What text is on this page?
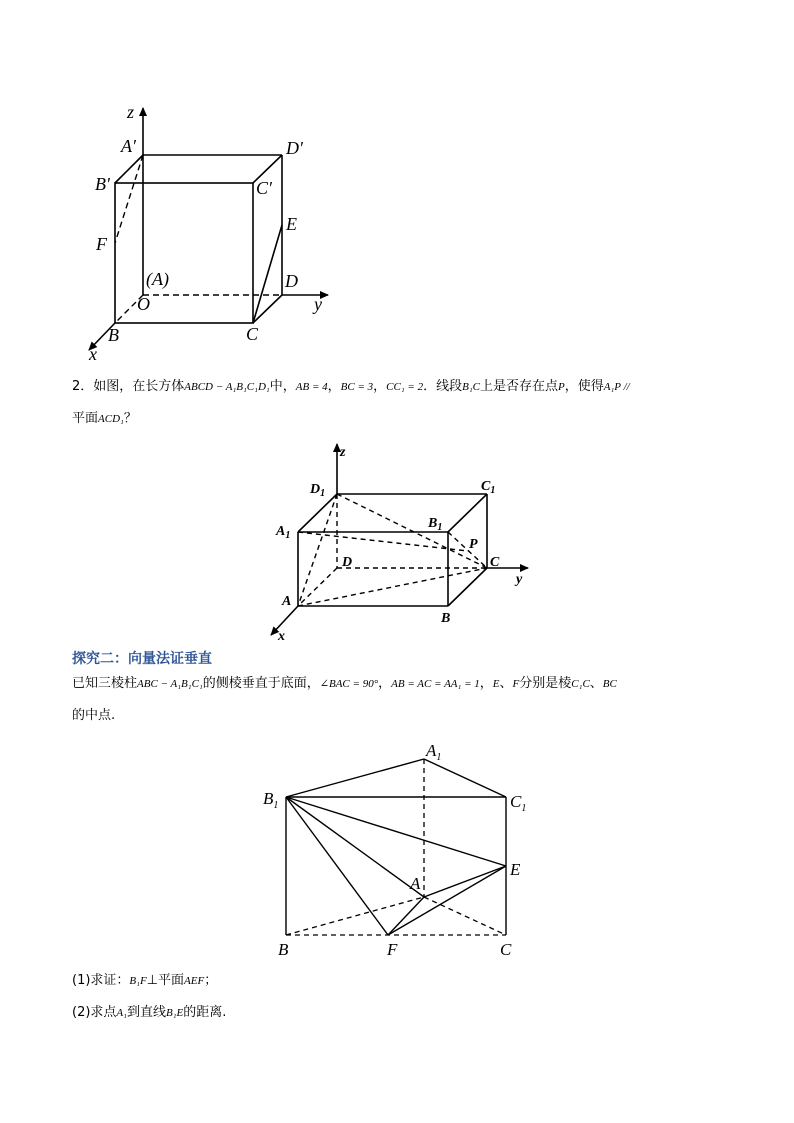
z
A′	D′
B′	C′
E
F
(A)	D
O	y
B	C
x
2．如图，在长方体ABCD − A₁B₁C₁D₁中，AB = 4，BC = 3，CC₁ = 2．线段B₁C上是否存在点P，使得A₁P //
平面ACD₁？
z
$D_1$	$C_1$
$A_1$
$B_1$
P
C
D
y
A
B
x
探究二：向量法证垂直
已知三棱柱ABC − A₁B₁C₁的侧棱垂直于底面，∠BAC = 90°，AB = AC = AA₁ = 1，E、F分别是棱C₁C、BC
的中点.
$A_1$
$B_1$	$C_1$
E
A
B	F	C
(1)求证：B₁F⊥平面AEF；
(2)求点A₁到直线B₁E的距离.
